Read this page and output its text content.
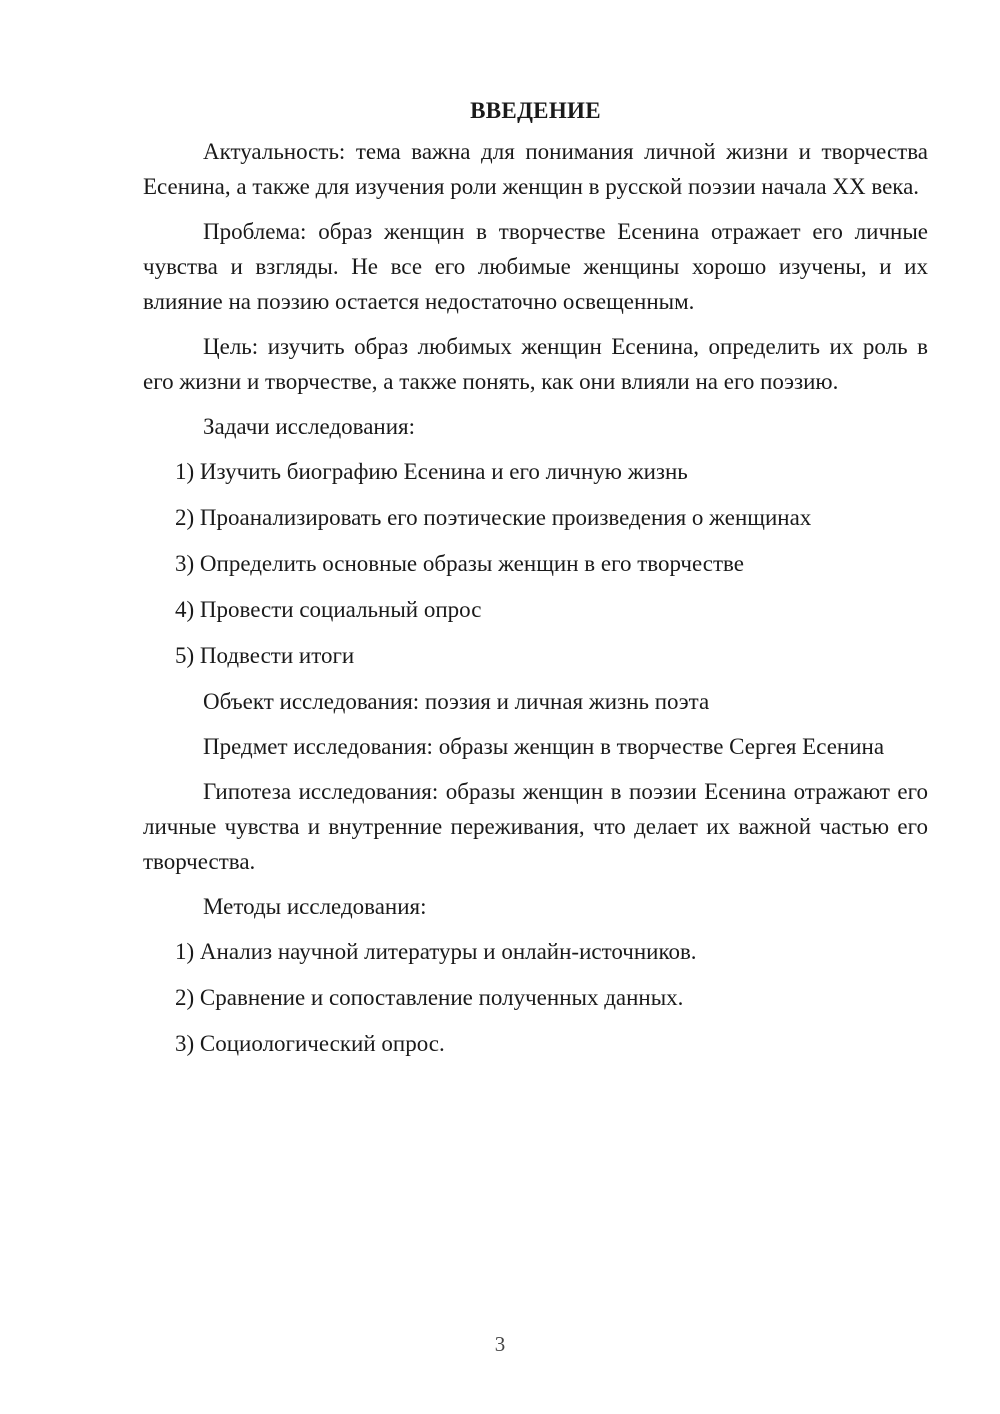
ВВЕДЕНИЕ

Актуальность: тема важна для понимания личной жизни и творчества Есенина, а также для изучения роли женщин в русской поэзии начала XX века.

Проблема: образ женщин в творчестве Есенина отражает его личные чувства и взгляды. Не все его любимые женщины хорошо изучены, и их влияние на поэзию остается недостаточно освещенным.

Цель: изучить образ любимых женщин Есенина, определить их роль в его жизни и творчестве, а также понять, как они влияли на его поэзию.

Задачи исследования:

1) Изучить биографию Есенина и его личную жизнь
2) Проанализировать его поэтические произведения о женщинах
3) Определить основные образы женщин в его творчестве
4) Провести социальный опрос
5) Подвести итоги

Объект исследования: поэзия и личная жизнь поэта

Предмет исследования: образы женщин в творчестве Сергея Есенина

Гипотеза исследования: образы женщин в поэзии Есенина отражают его личные чувства и внутренние переживания, что делает их важной частью его творчества.

Методы исследования:

1) Анализ научной литературы и онлайн-источников.
2) Сравнение и сопоставление полученных данных.
3) Социологический опрос.
3
